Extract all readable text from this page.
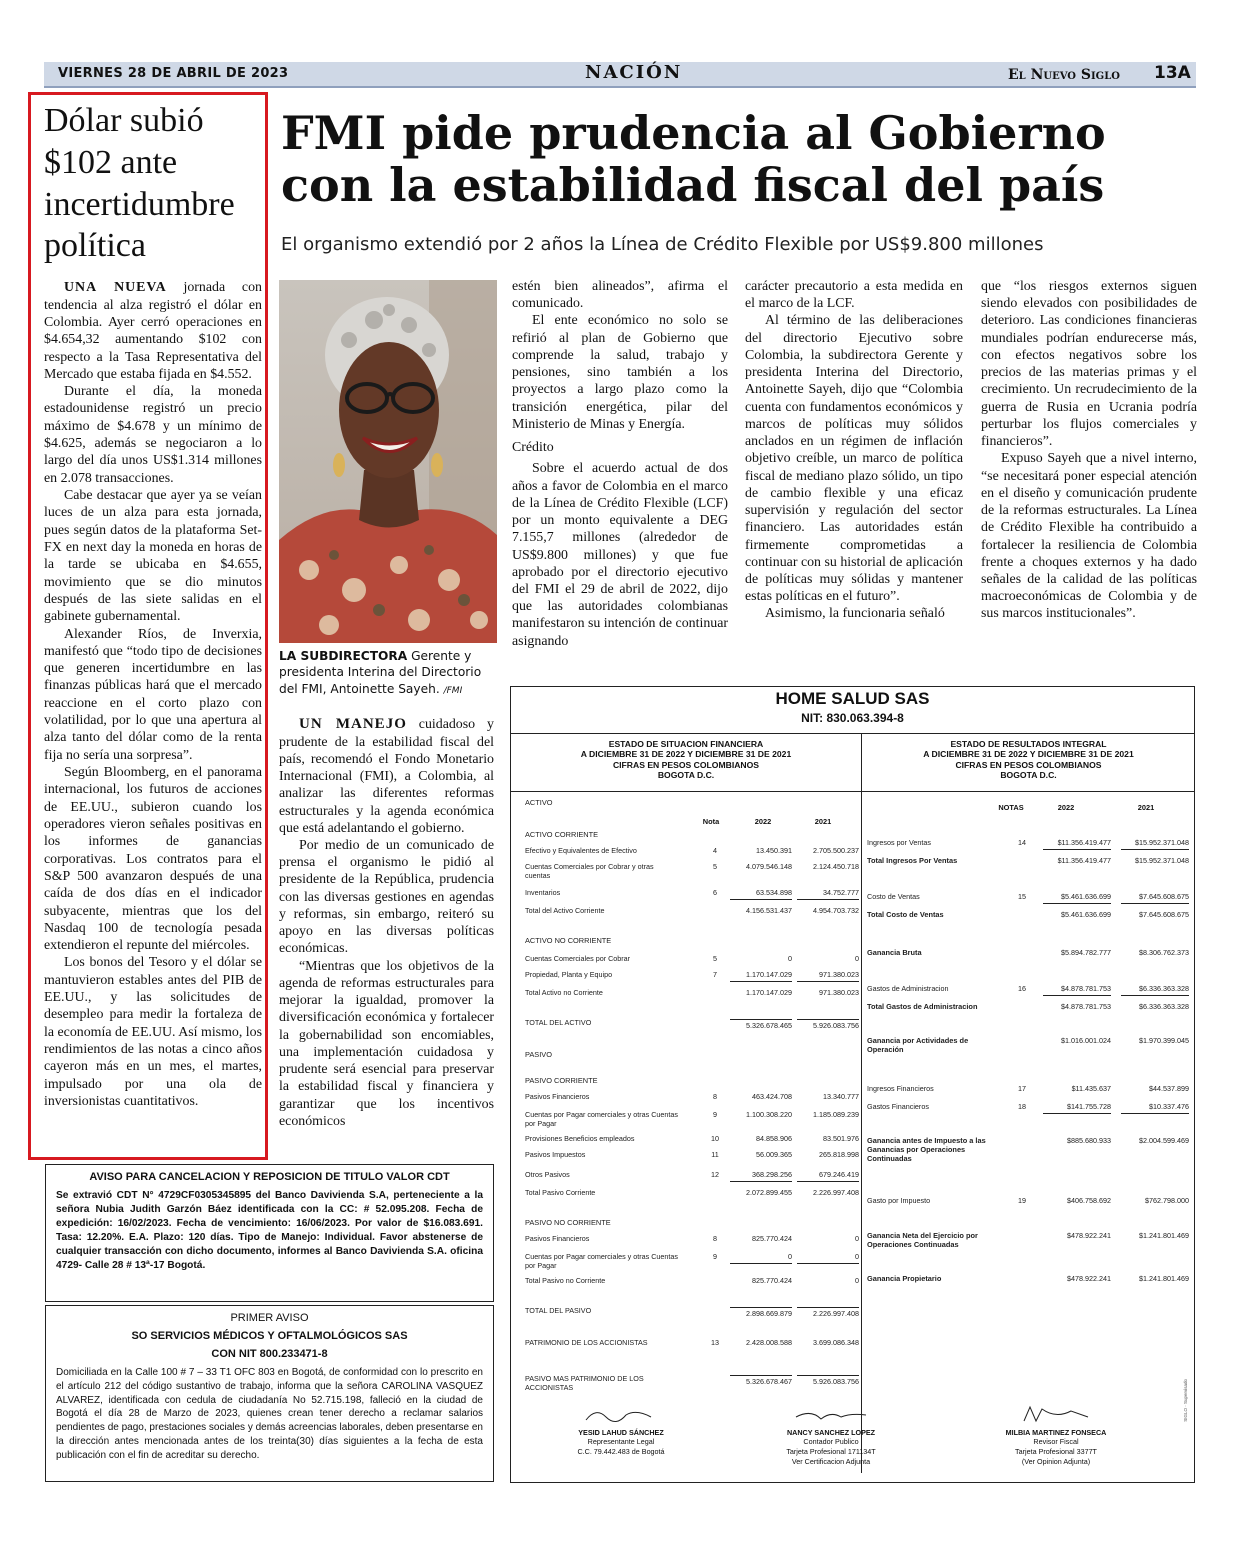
VIERNES 28 DE ABRIL DE 2023	NACIÓN	El Nuevo Siglo 13A
Dólar subió $102 ante incertidumbre política

UNA NUEVA jornada con tendencia al alza registró el dólar en Colombia. Ayer cerró operaciones en $4.654,32 aumentando $102 con respecto a la Tasa Representativa del Mercado que estaba fijada en $4.552.

Durante el día, la moneda estadounidense registró un precio máximo de $4.678 y un mínimo de $4.625, además se negociaron a lo largo del día unos US$1.314 millones en 2.078 transacciones.

Cabe destacar que ayer ya se veían luces de un alza para esta jornada, pues según datos de la plataforma Set-FX en next day la moneda en horas de la tarde se ubicaba en $4.655, movimiento que se dio minutos después de las siete salidas en el gabinete gubernamental.

Alexander Ríos, de Inverxia, manifestó que “todo tipo de decisiones que generen incertidumbre en las finanzas públicas hará que el mercado reaccione en el corto plazo con volatilidad, por lo que una apertura al alza tanto del dólar como de la renta fija no sería una sorpresa”.

Según Bloomberg, en el panorama internacional, los futuros de acciones de EE.UU., subieron cuando los operadores vieron señales positivas en los informes de ganancias corporativas. Los contratos para el S&P 500 avanzaron después de una caída de dos días en el indicador subyacente, mientras que los del Nasdaq 100 de tecnología pesada extendieron el repunte del miércoles.

Los bonos del Tesoro y el dólar se mantuvieron estables antes del PIB de EE.UU., y las solicitudes de desempleo para medir la fortaleza de la economía de EE.UU. Así mismo, los rendimientos de las notas a cinco años cayeron más en un mes, el martes, impulsado por una ola de inversionistas cuantitativos.

FMI pide prudencia al Gobierno con la estabilidad fiscal del país
El organismo extendió por 2 años la Línea de Crédito Flexible por US$9.800 millones
LA SUBDIRECTORA Gerente y presidenta Interina del Directorio del FMI, Antoinette Sayeh. /FMI

UN MANEJO cuidadoso y prudente de la estabilidad fiscal del país, recomendó el Fondo Monetario Internacional (FMI), a Colombia, al analizar las diferentes reformas estructurales y la agenda económica que está adelantando el gobierno.

Por medio de un comunicado de prensa el organismo le pidió al presidente de la República, prudencia con las diversas gestiones en agendas y reformas, sin embargo, reiteró su apoyo en las diversas políticas económicas.

“Mientras que los objetivos de la agenda de reformas estructurales para mejorar la igualdad, promover la diversificación económica y fortalecer la gobernabilidad son encomiables, una implementación cuidadosa y prudente será esencial para preservar la estabilidad fiscal y financiera y garantizar que los incentivos económicos

estén bien alineados”, afirma el comunicado.

El ente económico no solo se refirió al plan de Gobierno que comprende la salud, trabajo y pensiones, sino también a los proyectos a largo plazo como la transición energética, pilar del Ministerio de Minas y Energía.

Crédito

Sobre el acuerdo actual de dos años a favor de Colombia en el marco de la Línea de Crédito Flexible (LCF) por un monto equivalente a DEG 7.155,7 millones (alrededor de US$9.800 millones) y que fue aprobado por el directorio ejecutivo del FMI el 29 de abril de 2022, dijo que las autoridades colombianas manifestaron su intención de continuar asignando

carácter precautorio a esta medida en el marco de la LCF.

Al término de las deliberaciones del directorio Ejecutivo sobre Colombia, la subdirectora Gerente y presidenta Interina del Directorio, Antoinette Sayeh, dijo que “Colombia cuenta con fundamentos económicos y marcos de políticas muy sólidos anclados en un régimen de inflación objetivo creíble, un marco de política fiscal de mediano plazo sólido, un tipo de cambio flexible y una eficaz supervisión y regulación del sector financiero. Las autoridades están firmemente comprometidas a continuar con su historial de aplicación de políticas muy sólidas y mantener estas políticas en el futuro”.

Asimismo, la funcionaria señaló

que “los riesgos externos siguen siendo elevados con posibilidades de deterioro. Las condiciones financieras mundiales podrían endurecerse más, con efectos negativos sobre los precios de las materias primas y el crecimiento. Un recrudecimiento de la guerra de Rusia en Ucrania podría perturbar los flujos comerciales y financieros”.

Expuso Sayeh que a nivel interno, “se necesitará poner especial atención en el diseño y comunicación prudente de la reformas estructurales. La Línea de Crédito Flexible ha contribuido a fortalecer la resiliencia de Colombia frente a choques externos y ha dado señales de la calidad de las políticas macroeconómicas de Colombia y de sus marcos institucionales”.

AVISO PARA CANCELACION Y REPOSICION DE TITULO VALOR CDT
Se extravió CDT N° 4729CF0305345895 del Banco Davivienda S.A, perteneciente a la señora Nubia Judith Garzón Báez identificada con la CC: # 52.095.208. Fecha de expedición: 16/02/2023. Fecha de vencimiento: 16/06/2023. Por valor de $16.083.691. Tasa: 12.20%. E.A. Plazo: 120 días. Tipo de Manejo: Individual. Favor abstenerse de cualquier transacción con dicho documento, informes al Banco Davivienda S.A. oficina 4729- Calle 28 # 13ª-17 Bogotá.
PRIMER AVISO
SO SERVICIOS MÉDICOS Y OFTALMOLÓGICOS SAS
CON NIT 800.233471-8
Domiciliada en la Calle 100 # 7 – 33 T1 OFC 803 en Bogotá, de conformidad con lo prescrito en el artículo 212 del código sustantivo de trabajo, informa que la señora CAROLINA VASQUEZ ALVAREZ, identificada con cedula de ciudadanía No 52.715.198, falleció en la ciudad de Bogotá el día 28 de Marzo de 2023, quienes crean tener derecho a reclamar salarios pendientes de pago, prestaciones sociales y demás acreencias laborales, deben presentarse en la dirección antes mencionada antes de los treinta(30) días siguientes a la fecha de esta publicación con el fin de acreditar su derecho.
HOME SALUD SAS
NIT: 830.063.394-8
ESTADO DE SITUACION FINANCIERA
A DICIEMBRE 31 DE 2022 Y DICIEMBRE 31 DE 2021
CIFRAS EN PESOS COLOMBIANOS
BOGOTA D.C.
ESTADO DE RESULTADOS INTEGRAL
A DICIEMBRE 31 DE 2022 Y DICIEMBRE 31 DE 2021
CIFRAS EN PESOS COLOMBIANOS
BOGOTA D.C.
Nota	2022	2021
NOTAS	2022	2021
ACTIVO
ACTIVO CORRIENTE
Efectivo y Equivalentes de Efectivo	4	13.450.391	2.705.500.237
Cuentas Comerciales por Cobrar y otras cuentas
5	4.079.546.148	2.124.450.718
Inventarios	6	63.534.898	34.752.777
Total del Activo Corriente	4.156.531.437	4.954.703.732
ACTIVO NO CORRIENTE
Cuentas Comerciales por Cobrar	5	0	0
Propiedad, Planta y Equipo	7	1.170.147.029	971.380.023
Total Activo no Corriente	1.170.147.029	971.380.023
TOTAL DEL ACTIVO	5.326.678.465	5.926.083.756
PASIVO
PASIVO CORRIENTE
Pasivos Financieros	8	463.424.708	13.340.777
Cuentas por Pagar comerciales y otras Cuentas por Pagar
9	1.100.308.220	1.185.089.239
Provisiones Beneficios empleados	10	84.858.906	83.501.976
Pasivos Impuestos	11	56.009.365	265.818.998
Otros Pasivos	12	368.298.256	679.246.419
Total Pasivo Corriente	2.072.899.455	2.226.997.408
PASIVO NO CORRIENTE
Pasivos Financieros	8	825.770.424	0
Cuentas por Pagar comerciales y otras Cuentas por Pagar
9	0	0
Total Pasivo no Corriente	825.770.424	0
TOTAL DEL PASIVO	2.898.669.879	2.226.997.408
PATRIMONIO DE LOS ACCIONISTAS	13	2.428.008.588	3.699.086.348
PASIVO MAS PATRIMONIO DE LOS ACCIONISTAS
5.326.678.467	5.926.083.756
Ingresos por Ventas	14	$11.356.419.477	$15.952.371.048
Total Ingresos Por Ventas	$11.356.419.477	$15.952.371.048
Costo de Ventas	15	$5.461.636.699	$7.645.608.675
Total Costo de Ventas	$5.461.636.699	$7.645.608.675
Ganancia Bruta	$5.894.782.777	$8.306.762.373
Gastos de Administracion	16	$4.878.781.753	$6.336.363.328
Total Gastos de Administracion	$4.878.781.753	$6.336.363.328
Ganancia por Actividades de Operación
$1.016.001.024	$1.970.399.045
Ingresos Financieros	17	$11.435.637	$44.537.899
Gastos Financieros	18	$141.755.728	$10.337.476
Ganancia antes de Impuesto a las Ganancias por Operaciones Continuadas
$885.680.933	$2.004.599.469
Gasto por Impuesto	19	$406.758.692	$762.798.000
Ganancia Neta del Ejercicio por Operaciones Continuadas
$478.922.241	$1.241.801.469
Ganancia Propietario	$478.922.241	$1.241.801.469
YESID LAHUD SÁNCHEZ
Representante Legal
C.C. 79.442.483 de Bogotá
NANCY SANCHEZ LOPEZ
Contador Publico
Tarjeta Profesional 171134T
Ver Certificacion Adjunta
MILBIA MARTINEZ FONSECA
Revisor Fiscal
Tarjeta Profesional 3377T
(Ver Opinion Adjunta)
SIGLO · Supervisado
